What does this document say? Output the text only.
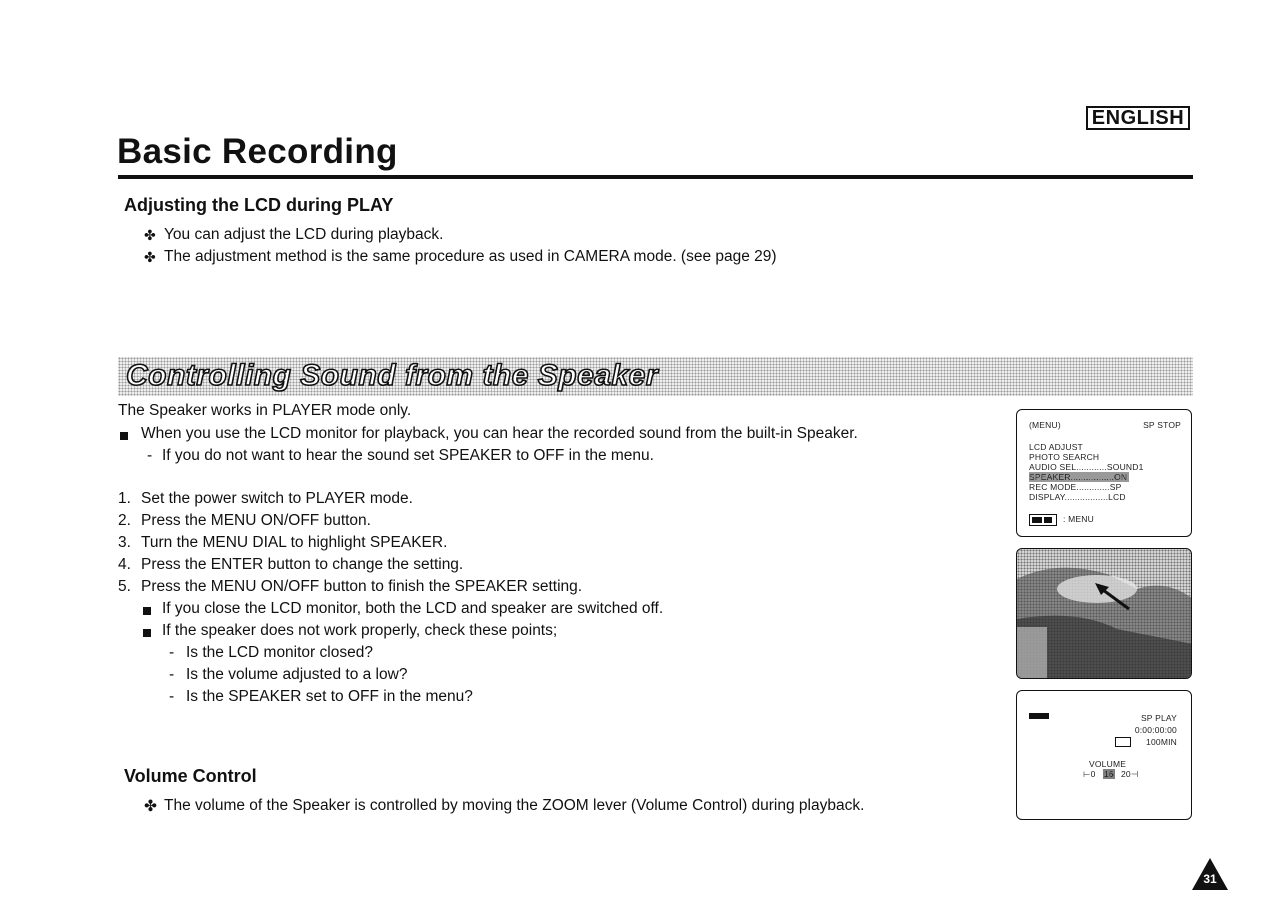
ENGLISH
Basic Recording
Adjusting the LCD during PLAY
✤ You can adjust the LCD during playback.
✤ The adjustment method is the same procedure as used in CAMERA mode. (see page 29)
Controlling Sound from the Speaker
The Speaker works in PLAYER mode only.
When you use the LCD monitor for playback, you can hear the recorded sound from the built-in Speaker.
- If you do not want to hear the sound set SPEAKER to OFF in the menu.
1. Set the power switch to PLAYER mode.
2. Press the MENU ON/OFF button.
3. Turn the MENU DIAL to highlight SPEAKER.
4. Press the ENTER button to change the setting.
5. Press the MENU ON/OFF button to finish the SPEAKER setting.
If you close the LCD monitor, both the LCD and speaker are switched off.
If the speaker does not work properly, check these points;
- Is the LCD monitor closed?
- Is the volume adjusted to a low?
- Is the SPEAKER set to OFF in the menu?
Volume Control
✤ The volume of the Speaker is controlled by moving the ZOOM lever (Volume Control) during playback.
(MENU)	SP STOP
LCD ADJUST
PHOTO SEARCH
AUDIO SEL............SOUND1
SPEAKER.................ON
REC MODE.............SP
DISPLAY.................LCD
: MENU
SP PLAY
0:00:00:00
100MIN
VOLUME
⊢0 16 20⊣
31
